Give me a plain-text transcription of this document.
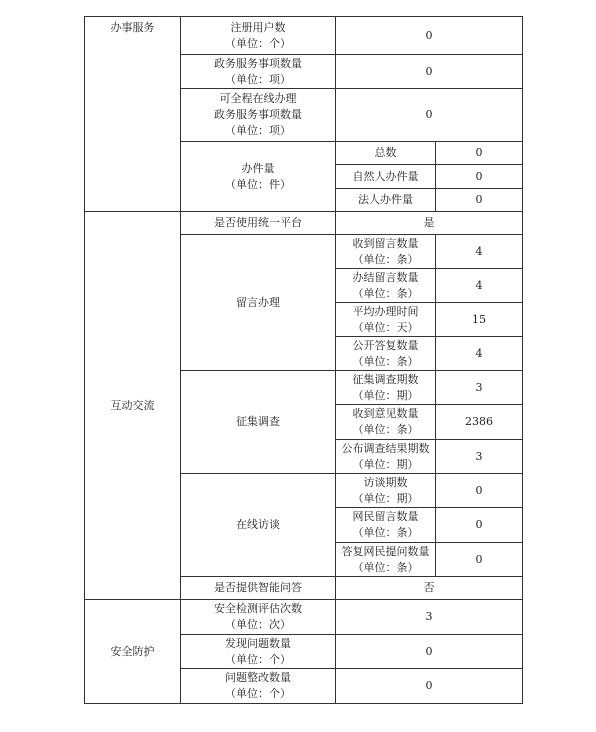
办事服务	注册用户数
（单位：个）	0	

	政务服务事项数量
（单位：项）	0	

	可全程在线办理
政务服务事项数量
（单位：项）	0	

	办件量
（单位：件）	总数	0
		自然人办件量	0
		法人办件量	0
互动交流	是否使用统一平台	是	
	留言办理	收到留言数量
（单位：条）	4

		办结留言数量
（单位：条）	4

		平均办理时间
（单位：天）	15

		公开答复数量
（单位：条）	4
	征集调查	征集调查期数
（单位：期）	3

		收到意见数量
（单位：条）	2386

		公布调查结果期数
（单位：期）	3
	在线访谈	访谈期数
（单位：期）	0

		网民留言数量
（单位：条）	0

		答复网民提问数量
（单位：条）	0
	是否提供智能问答	否	
安全防护	安全检测评估次数
（单位：次）	3	

	发现问题数量
（单位：个）	0	

	问题整改数量
（单位：个）	0	
